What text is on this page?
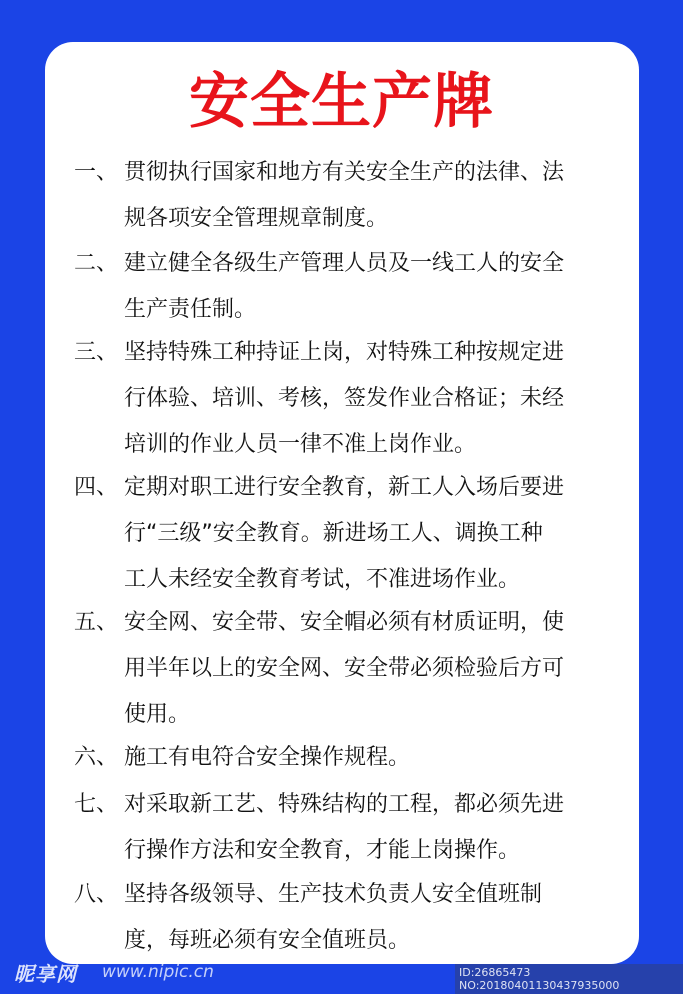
安全生产牌
一、 贯彻执行国家和地方有关安全生产的法律、法
规各项安全管理规章制度。
二、 建立健全各级生产管理人员及一线工人的安全
生产责任制。
三、 坚持特殊工种持证上岗，对特殊工种按规定进
行体验、培训、考核，签发作业合格证；未经
培训的作业人员一律不准上岗作业。
四、 定期对职工进行安全教育，新工人入场后要进
行“三级”安全教育。新进场工人、调换工种
工人未经安全教育考试，不准进场作业。
五、 安全网、安全带、安全帽必须有材质证明，使
用半年以上的安全网、安全带必须检验后方可
使用。
六、 施工有电符合安全操作规程。
七、 对采取新工艺、特殊结构的工程，都必须先进
行操作方法和安全教育，才能上岗操作。
八、 坚持各级领导、生产技术负责人安全值班制
度，每班必须有安全值班员。
昵享网 www.nipic.cn	ID:26865473 NO:20180401130437935000
